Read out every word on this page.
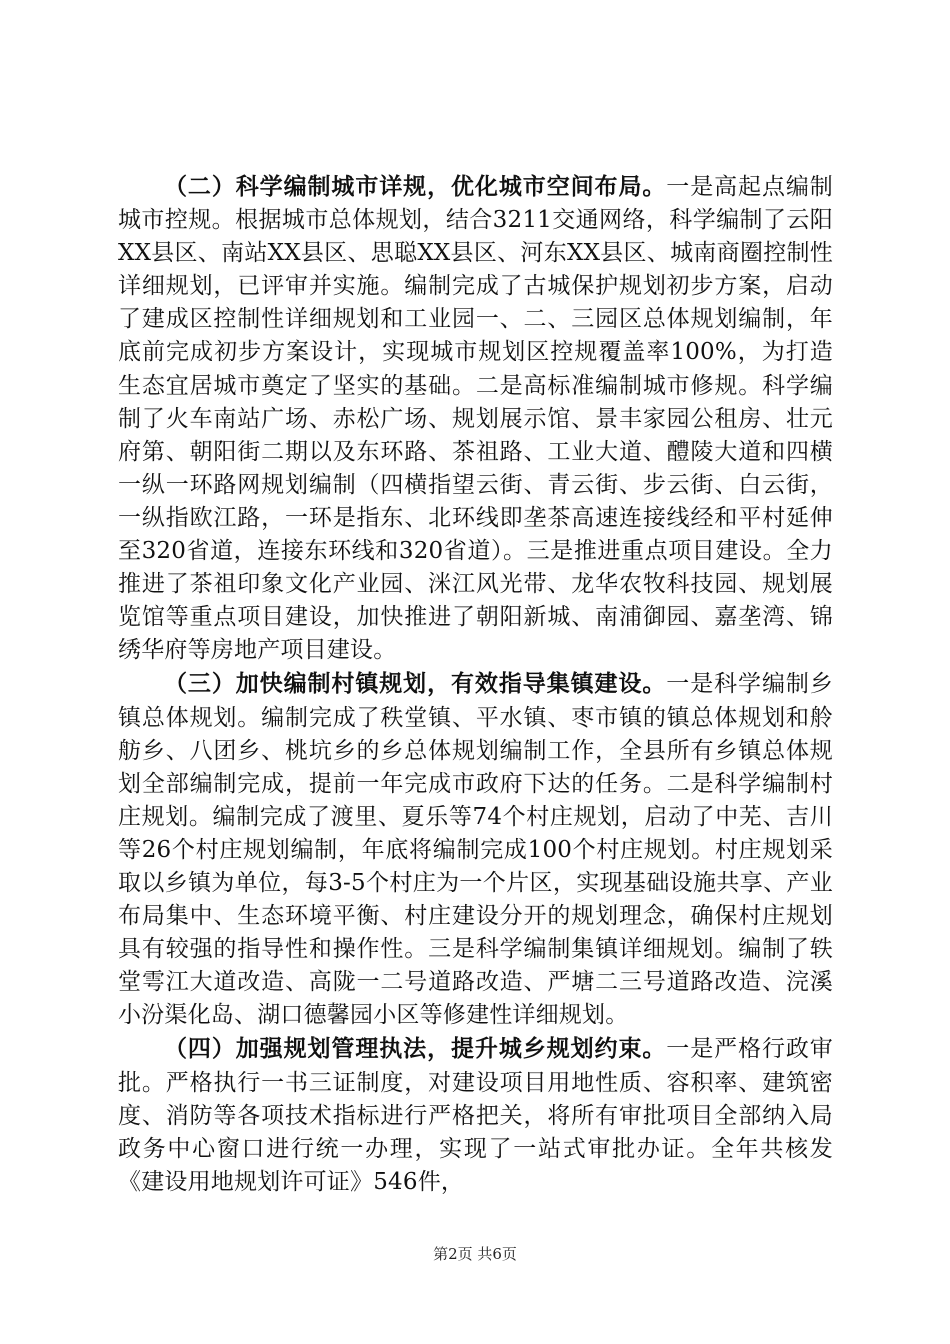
（二）科学编制城市详规，优化城市空间布局。一是高起点编制城市控规。根据城市总体规划，结合3211交通网络，科学编制了云阳XX县区、南站XX县区、思聪XX县区、河东XX县区、城南商圈控制性详细规划，已评审并实施。编制完成了古城保护规划初步方案，启动了建成区控制性详细规划和工业园一、二、三园区总体规划编制，年底前完成初步方案设计，实现城市规划区控规覆盖率100%，为打造生态宜居城市奠定了坚实的基础。二是高标准编制城市修规。科学编制了火车南站广场、赤松广场、规划展示馆、景丰家园公租房、壮元府第、朝阳街二期以及东环路、茶祖路、工业大道、醴陵大道和四横一纵一环路网规划编制（四横指望云街、青云街、步云街、白云街，一纵指欧江路，一环是指东、北环线即垄茶高速连接线经和平村延伸至320省道，连接东环线和320省道）。三是推进重点项目建设。全力推进了茶祖印象文化产业园、洣江风光带、龙华农牧科技园、规划展览馆等重点项目建设，加快推进了朝阳新城、南浦御园、嘉垄湾、锦绣华府等房地产项目建设。

（三）加快编制村镇规划，有效指导集镇建设。一是科学编制乡镇总体规划。编制完成了秩堂镇、平水镇、枣市镇的镇总体规划和舲舫乡、八团乡、桃坑乡的乡总体规划编制工作，全县所有乡镇总体规划全部编制完成，提前一年完成市政府下达的任务。二是科学编制村庄规划。编制完成了渡里、夏乐等74个村庄规划，启动了中芜、吉川等26个村庄规划编制，年底将编制完成100个村庄规划。村庄规划采取以乡镇为单位，每3-5个村庄为一个片区，实现基础设施共享、产业布局集中、生态环境平衡、村庄建设分开的规划理念，确保村庄规划具有较强的指导性和操作性。三是科学编制集镇详细规划。编制了轶堂雩江大道改造、高陇一二号道路改造、严塘二三号道路改造、浣溪小汾渠化岛、湖口德馨园小区等修建性详细规划。

（四）加强规划管理执法，提升城乡规划约束。一是严格行政审批。严格执行一书三证制度，对建设项目用地性质、容积率、建筑密度、消防等各项技术指标进行严格把关，将所有审批项目全部纳入局政务中心窗口进行统一办理，实现了一站式审批办证。全年共核发《建设用地规划许可证》546件，

第2页 共6页
